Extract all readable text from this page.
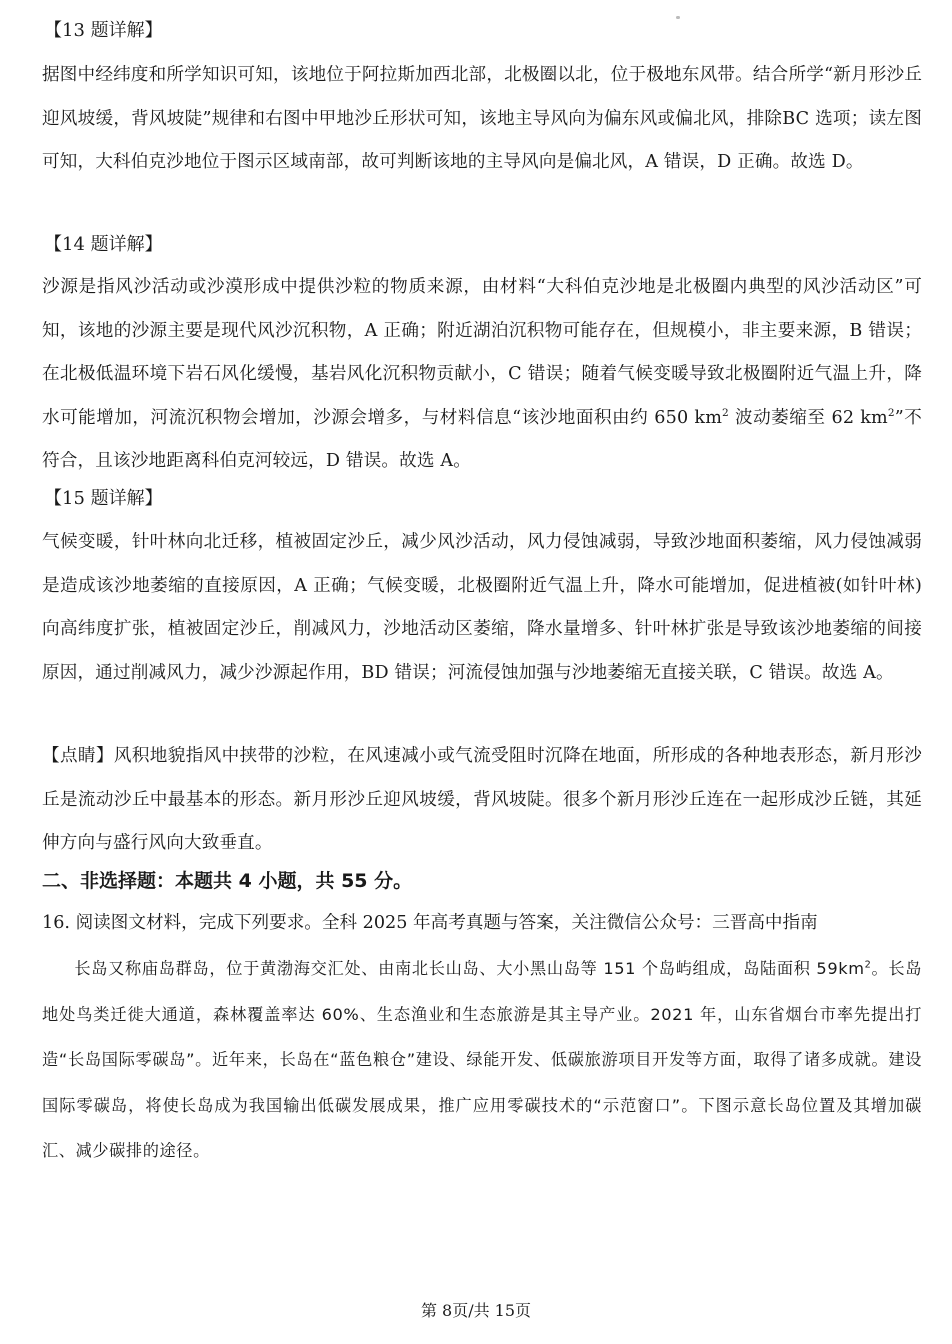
【13 题详解】
据图中经纬度和所学知识可知，该地位于阿拉斯加西北部，北极圈以北，位于极地东风带。结合所学“新月形沙丘迎风坡缓，背风坡陡”规律和右图中甲地沙丘形状可知，该地主导风向为偏东风或偏北风，排除BC 选项；读左图可知，大科伯克沙地位于图示区域南部，故可判断该地的主导风向是偏北风，A 错误，D 正确。故选 D。
【14 题详解】
沙源是指风沙活动或沙漠形成中提供沙粒的物质来源，由材料“大科伯克沙地是北极圈内典型的风沙活动区”可知，该地的沙源主要是现代风沙沉积物，A 正确；附近湖泊沉积物可能存在，但规模小，非主要来源，B 错误；在北极低温环境下岩石风化缓慢，基岩风化沉积物贡献小，C 错误；随着气候变暖导致北极圈附近气温上升，降水可能增加，河流沉积物会增加，沙源会增多，与材料信息“该沙地面积由约 650 $km^2$ 波动萎缩至 62 $km^2$”不符合，且该沙地距离科伯克河较远，D 错误。故选 A。
【15 题详解】
气候变暖，针叶林向北迁移，植被固定沙丘，减少风沙活动，风力侵蚀减弱，导致沙地面积萎缩，风力侵蚀减弱是造成该沙地萎缩的直接原因，A 正确；气候变暖，北极圈附近气温上升，降水可能增加，促进植被(如针叶林)向高纬度扩张，植被固定沙丘，削减风力，沙地活动区萎缩，降水量增多、针叶林扩张是导致该沙地萎缩的间接原因，通过削减风力，减少沙源起作用，BD 错误；河流侵蚀加强与沙地萎缩无直接关联，C 错误。故选 A。
【点睛】风积地貌指风中挟带的沙粒，在风速减小或气流受阻时沉降在地面，所形成的各种地表形态，新月形沙丘是流动沙丘中最基本的形态。新月形沙丘迎风坡缓，背风坡陡。很多个新月形沙丘连在一起形成沙丘链，其延伸方向与盛行风向大致垂直。
二、非选择题：本题共 4 小题，共 55 分。
16. 阅读图文材料，完成下列要求。全科 2025 年高考真题与答案，关注微信公众号：三晋高中指南
长岛又称庙岛群岛，位于黄渤海交汇处、由南北长山岛、大小黑山岛等 151 个岛屿组成，岛陆面积 $59km^2$。长岛地处鸟类迁徙大通道，森林覆盖率达 60%、生态渔业和生态旅游是其主导产业。2021 年，山东省烟台市率先提出打造“长岛国际零碳岛”。近年来，长岛在“蓝色粮仓”建设、绿能开发、低碳旅游项目开发等方面，取得了诸多成就。建设国际零碳岛，将使长岛成为我国输出低碳发展成果，推广应用零碳技术的“示范窗口”。下图示意长岛位置及其增加碳汇、减少碳排的途径。
第 8页/共 15页
